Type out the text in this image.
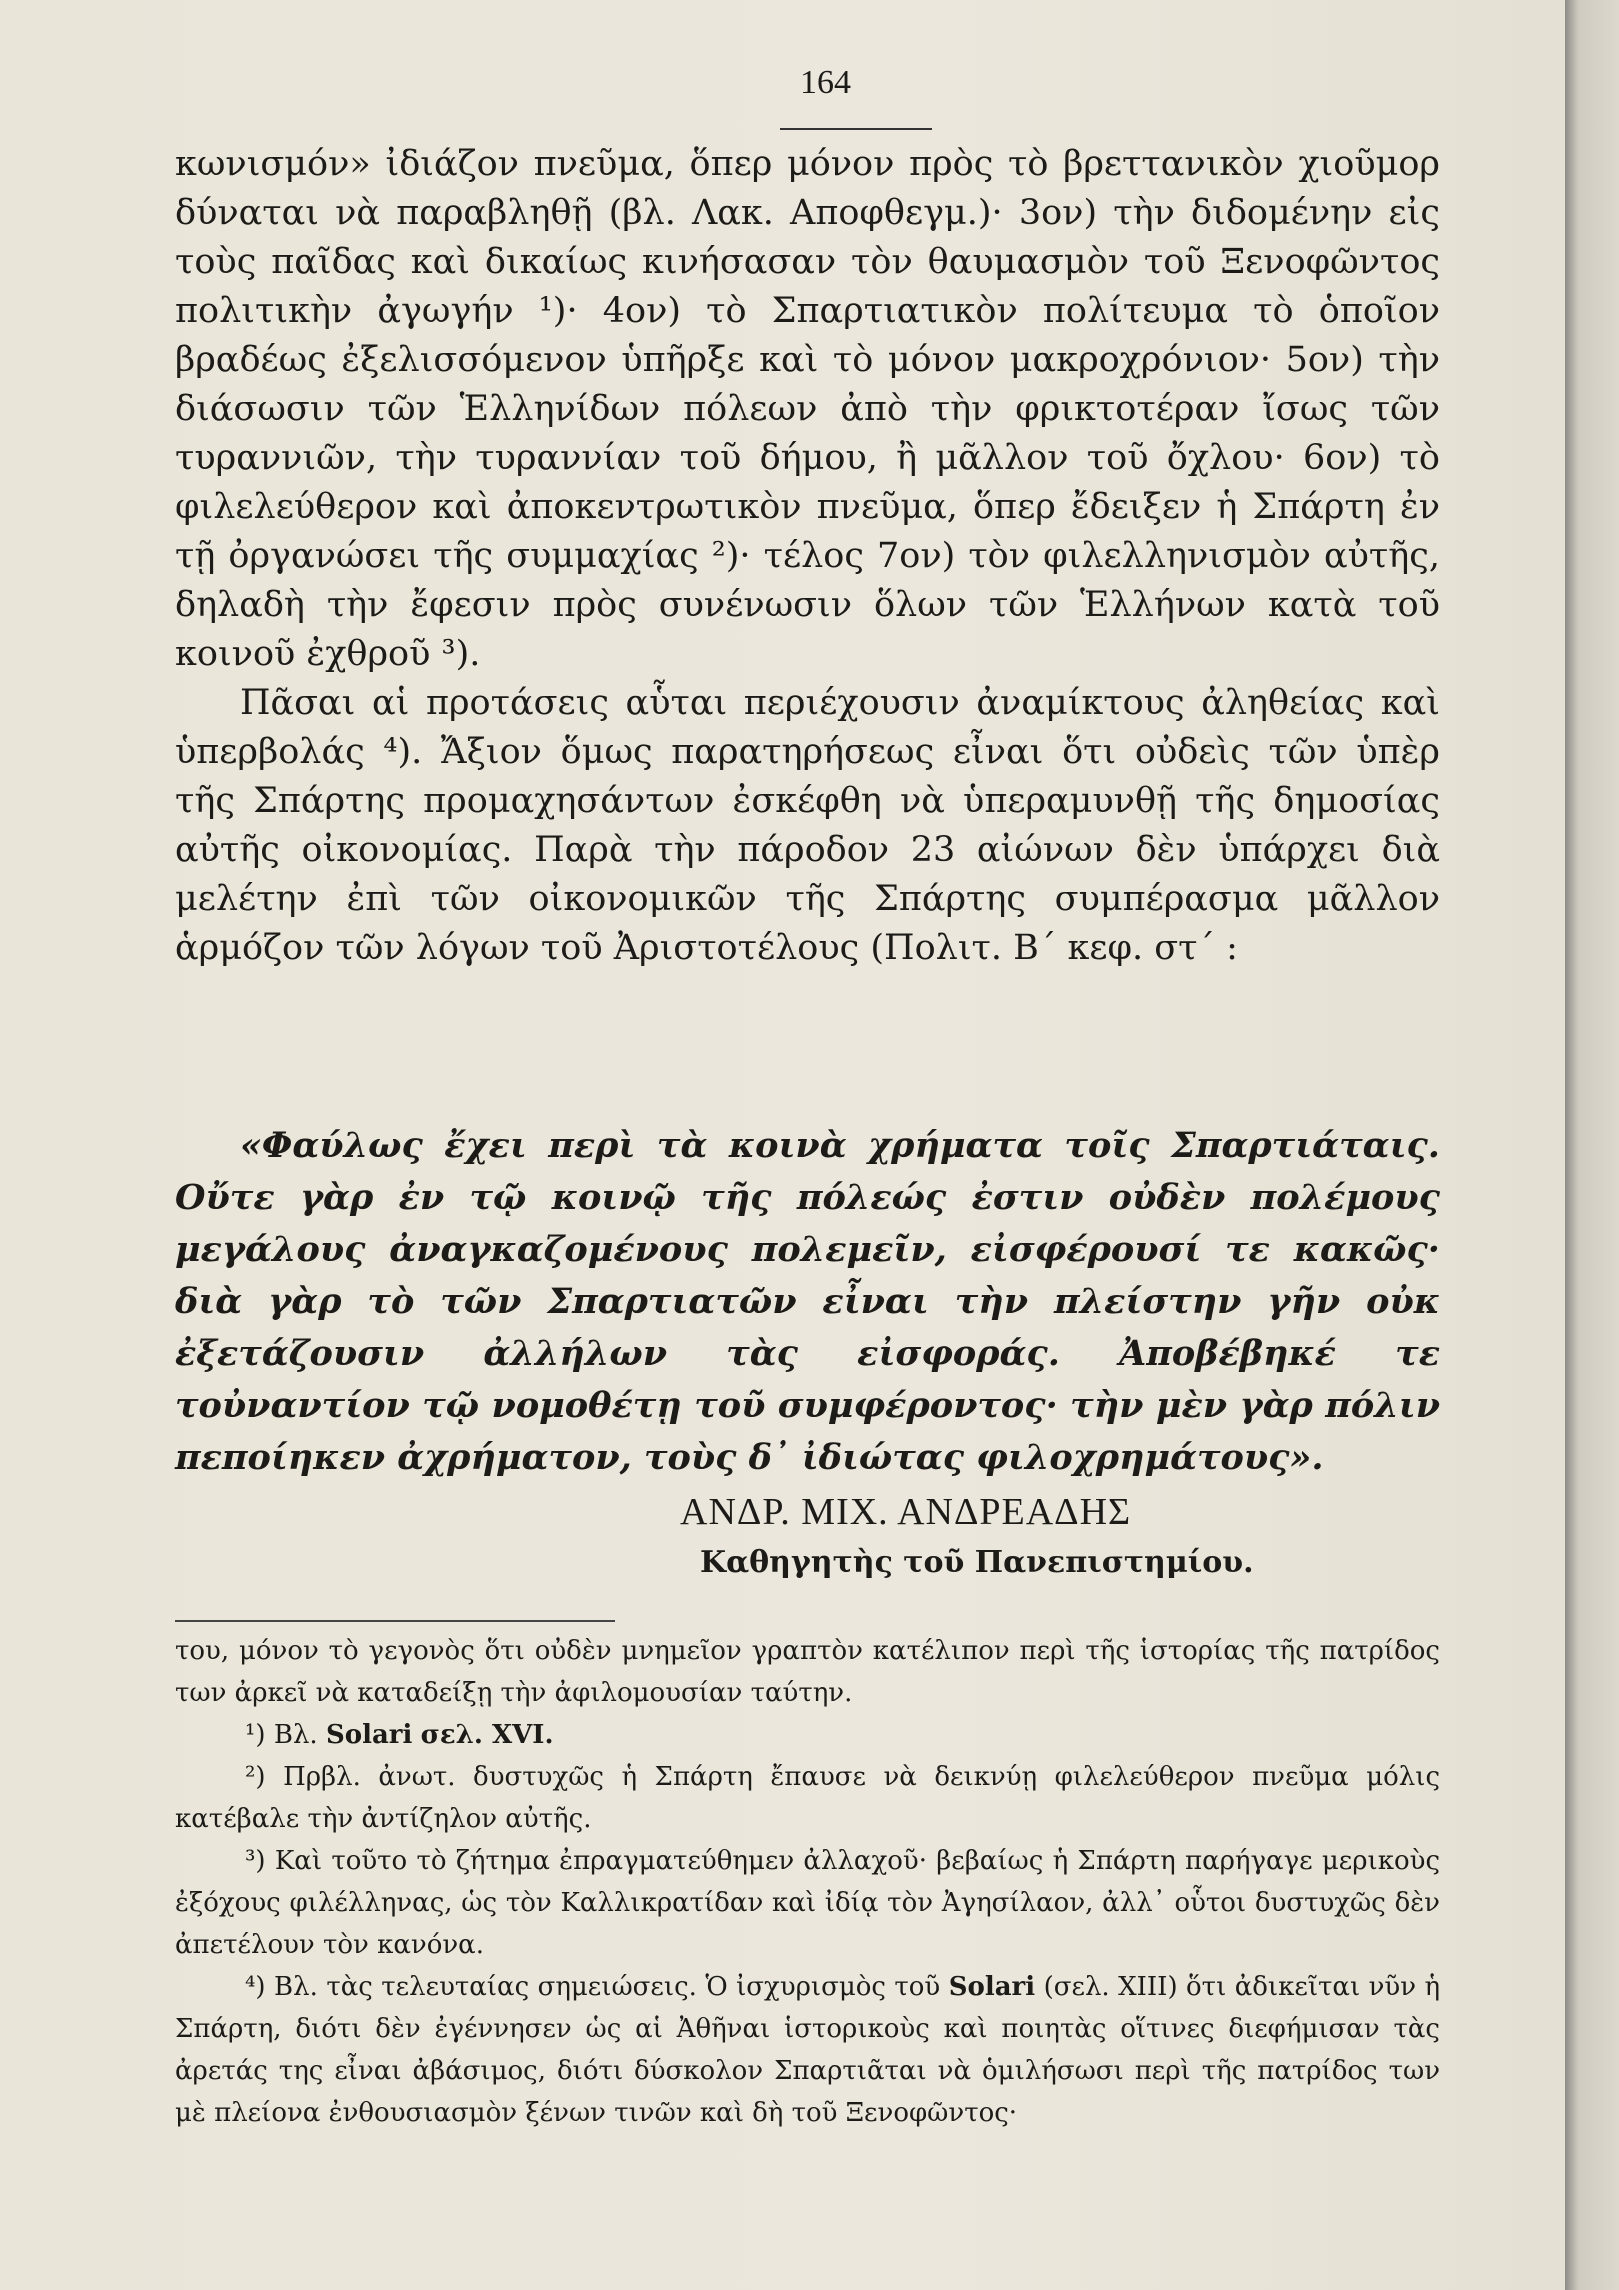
164

κωνισμόν» ἰδιάζον πνεῦμα, ὅπερ μόνον πρὸς τὸ βρεττανικὸν χιοῦμορ δύναται νὰ παραβληθῇ (βλ. Λακ. Αποφθεγμ.)· 3ον) τὴν διδομένην εἰς τοὺς παῖδας καὶ δικαίως κινήσασαν τὸν θαυμασμὸν τοῦ Ξενοφῶντος πολιτικὴν ἀγωγήν ¹)· 4ον) τὸ Σπαρτιατικὸν πολίτευμα τὸ ὁποῖον βραδέως ἐξελισσόμενον ὑπῆρξε καὶ τὸ μόνον μακροχρόνιον· 5ον) τὴν διάσωσιν τῶν Ἑλληνίδων πόλεων ἀπὸ τὴν φρικτοτέραν ἴσως τῶν τυραννιῶν, τὴν τυραννίαν τοῦ δήμου, ἢ μᾶλλον τοῦ ὄχλου· 6ον) τὸ φιλελεύθερον καὶ ἀποκεντρωτικὸν πνεῦμα, ὅπερ ἔδειξεν ἡ Σπάρτη ἐν τῇ ὀργανώσει τῆς συμμαχίας ²)· τέλος 7ον) τὸν φιλελληνισμὸν αὐτῆς, δηλαδὴ τὴν ἔφεσιν πρὸς συνένωσιν ὅλων τῶν Ἑλλήνων κατὰ τοῦ κοινοῦ ἐχθροῦ ³).

Πᾶσαι αἱ προτάσεις αὗται περιέχουσιν ἀναμίκτους ἀληθείας καὶ ὑπερβολάς ⁴). Ἄξιον ὅμως παρατηρήσεως εἶναι ὅτι οὐδεὶς τῶν ὑπὲρ τῆς Σπάρτης προμαχησάντων ἐσκέφθη νὰ ὑπεραμυνθῇ τῆς δημοσίας αὐτῆς οἰκονομίας. Παρὰ τὴν πάροδον 23 αἰώνων δὲν ὑπάρχει διὰ μελέτην ἐπὶ τῶν οἰκονομικῶν τῆς Σπάρτης συμπέρασμα μᾶλλον ἁρμόζον τῶν λόγων τοῦ Ἀριστοτέλους (Πολιτ. Β΄ κεφ. στ΄ :

«Φαύλως ἔχει περὶ τὰ κοινὰ χρήματα τοῖς Σπαρτιάταις. Οὔτε γὰρ ἐν τῷ κοινῷ τῆς πόλεώς ἐστιν οὐδὲν πολέμους μεγάλους ἀναγκαζομένους πολεμεῖν, εἰσφέρουσί τε κακῶς· διὰ γὰρ τὸ τῶν Σπαρτιατῶν εἶναι τὴν πλείστην γῆν οὐκ ἐξετάζουσιν ἀλλήλων τὰς εἰσφοράς. Ἀποβέβηκέ τε τοὐναντίον τῷ νομοθέτῃ τοῦ συμφέροντος· τὴν μὲν γὰρ πόλιν πεποίηκεν ἀχρήματον, τοὺς δ᾽ ἰδιώτας φιλοχρημάτους».
ΑΝΔΡ. ΜΙΧ. ΑΝΔΡΕΑΔΗΣ
Καθηγητὴς τοῦ Πανεπιστημίου.

του, μόνον τὸ γεγονὸς ὅτι οὐδὲν μνημεῖον γραπτὸν κατέλιπον περὶ τῆς ἱστορίας τῆς πατρίδος των ἀρκεῖ νὰ καταδείξῃ τὴν ἀφιλομουσίαν ταύτην.

¹) Βλ. Solari σελ. XVI.

²) Πρβλ. ἀνωτ. δυστυχῶς ἡ Σπάρτη ἔπαυσε νὰ δεικνύῃ φιλελεύθερον πνεῦμα μόλις κατέβαλε τὴν ἀντίζηλον αὐτῆς.

³) Καὶ τοῦτο τὸ ζήτημα ἐπραγματεύθημεν ἀλλαχοῦ· βεβαίως ἡ Σπάρτη παρήγαγε μερικοὺς ἐξόχους φιλέλληνας, ὡς τὸν Καλλικρατίδαν καὶ ἰδίᾳ τὸν Ἀγησίλαον, ἀλλ᾽ οὗτοι δυστυχῶς δὲν ἀπετέλουν τὸν κανόνα.

⁴) Βλ. τὰς τελευταίας σημειώσεις. Ὁ ἰσχυρισμὸς τοῦ Solari (σελ. XIII) ὅτι ἀδικεῖται νῦν ἡ Σπάρτη, διότι δὲν ἐγέννησεν ὡς αἱ Ἀθῆναι ἱστορικοὺς καὶ ποιητὰς οἵτινες διεφήμισαν τὰς ἀρετάς της εἶναι ἀβάσιμος, διότι δύσκολον Σπαρτιᾶται νὰ ὁμιλήσωσι περὶ τῆς πατρίδος των μὲ πλείονα ἐνθουσιασμὸν ξένων τινῶν καὶ δὴ τοῦ Ξενοφῶντος·
